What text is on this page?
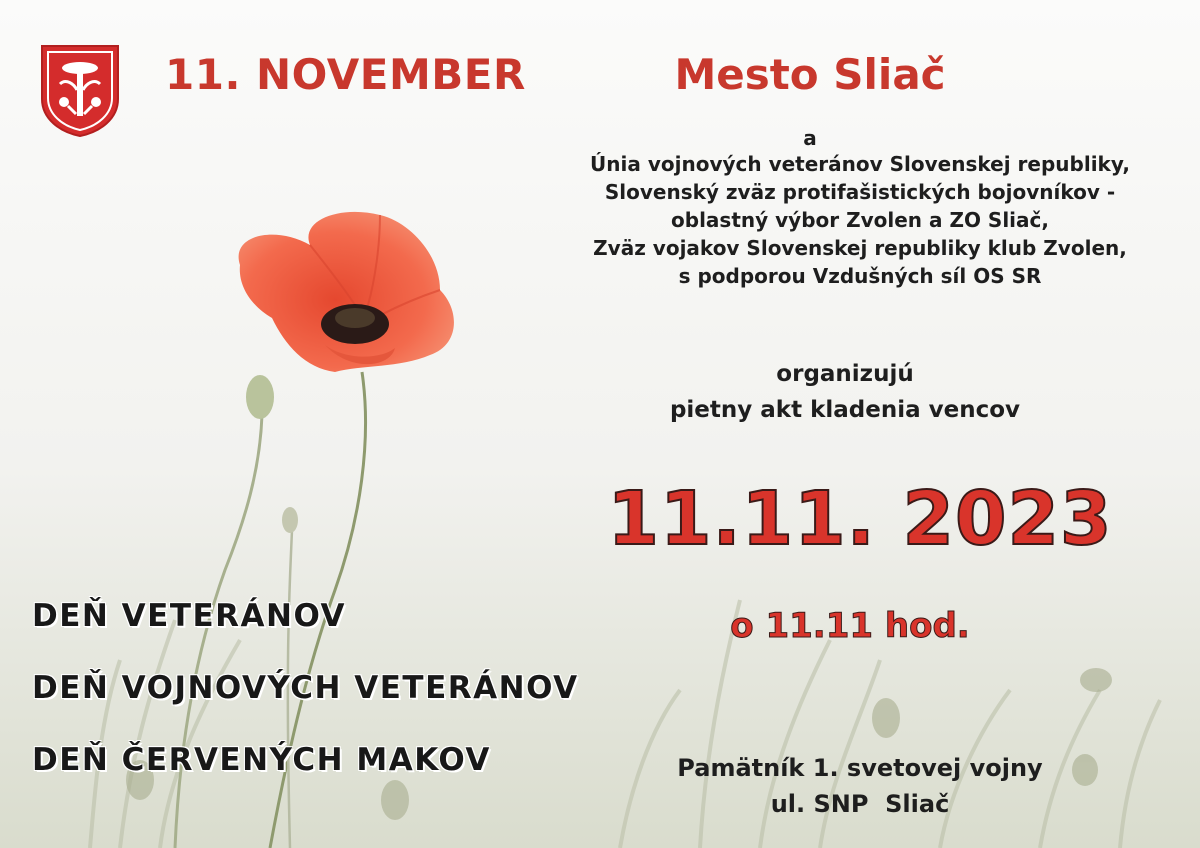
11. NOVEMBER	Mesto Sliač
a
Únia vojnových veteránov Slovenskej republiky,
Slovenský zväz protifašistických bojovníkov -
oblastný výbor Zvolen a ZO Sliač,
Zväz vojakov Slovenskej republiky klub Zvolen,
s podporou Vzdušných síl OS SR
organizujú
pietny akt kladenia vencov
11.11. 2023
o 11.11 hod.
DEŇ VETERÁNOV
DEŇ VOJNOVÝCH VETERÁNOV
DEŇ ČERVENÝCH MAKOV	Pamätník 1. svetovej vojny
ul. SNP  Sliač
